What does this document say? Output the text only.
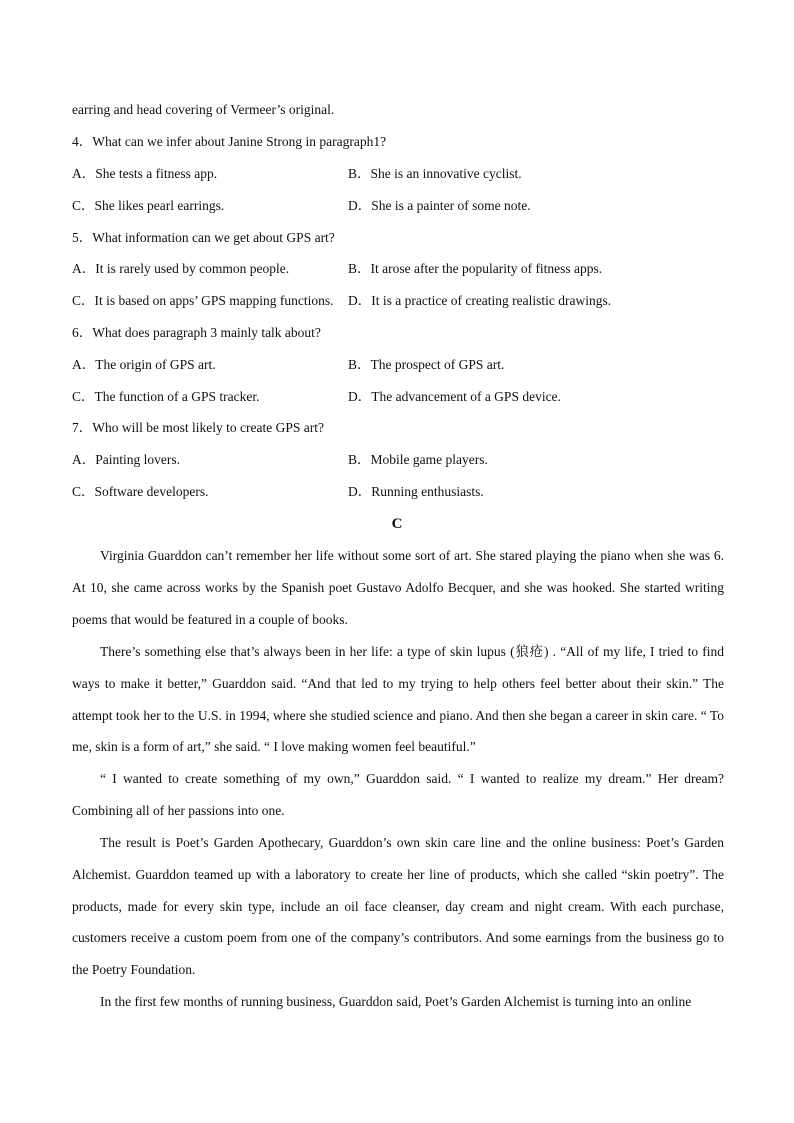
earring and head covering of Vermeer’s original.
4．What can we infer about Janine Strong in paragraph1?
A．She tests a fitness app.	B．She is an innovative cyclist.
C．She likes pearl earrings.	D．She is a painter of some note.
5．What information can we get about GPS art?
A．It is rarely used by common people.	B．It arose after the popularity of fitness apps.
C．It is based on apps’ GPS mapping functions. D．It is a practice of creating realistic drawings.
6．What does paragraph 3 mainly talk about?
A．The origin of GPS art.	B．The prospect of GPS art.
C．The function of a GPS tracker.	D．The advancement of a GPS device.
7．Who will be most likely to create GPS art?
A．Painting lovers.	B．Mobile game players.
C．Software developers.	D．Running enthusiasts.
C

Virginia Guarddon can’t remember her life without some sort of art. She stared playing the piano when she was 6. At 10, she came across works by the Spanish poet Gustavo Adolfo Becquer, and she was hooked. She started writing poems that would be featured in a couple of books.

There’s something else that’s always been in her life: a type of skin lupus (狼疮) . “All of my life, I tried to find ways to make it better,” Guarddon said. “And that led to my trying to help others feel better about their skin.” The attempt took her to the U.S. in 1994, where she studied science and piano. And then she began a career in skin care. “ To me, skin is a form of art,” she said. “ I love making women feel beautiful.”

“ I wanted to create something of my own,” Guarddon said. “ I wanted to realize my dream.” Her dream? Combining all of her passions into one.

The result is Poet’s Garden Apothecary, Guarddon’s own skin care line and the online business: Poet’s Garden Alchemist. Guarddon teamed up with a laboratory to create her line of products, which she called “skin poetry”. The products, made for every skin type, include an oil face cleanser, day cream and night cream. With each purchase, customers receive a custom poem from one of the company’s contributors. And some earnings from the business go to the Poetry Foundation.

In the first few months of running business, Guarddon said, Poet’s Garden Alchemist is turning into an online
